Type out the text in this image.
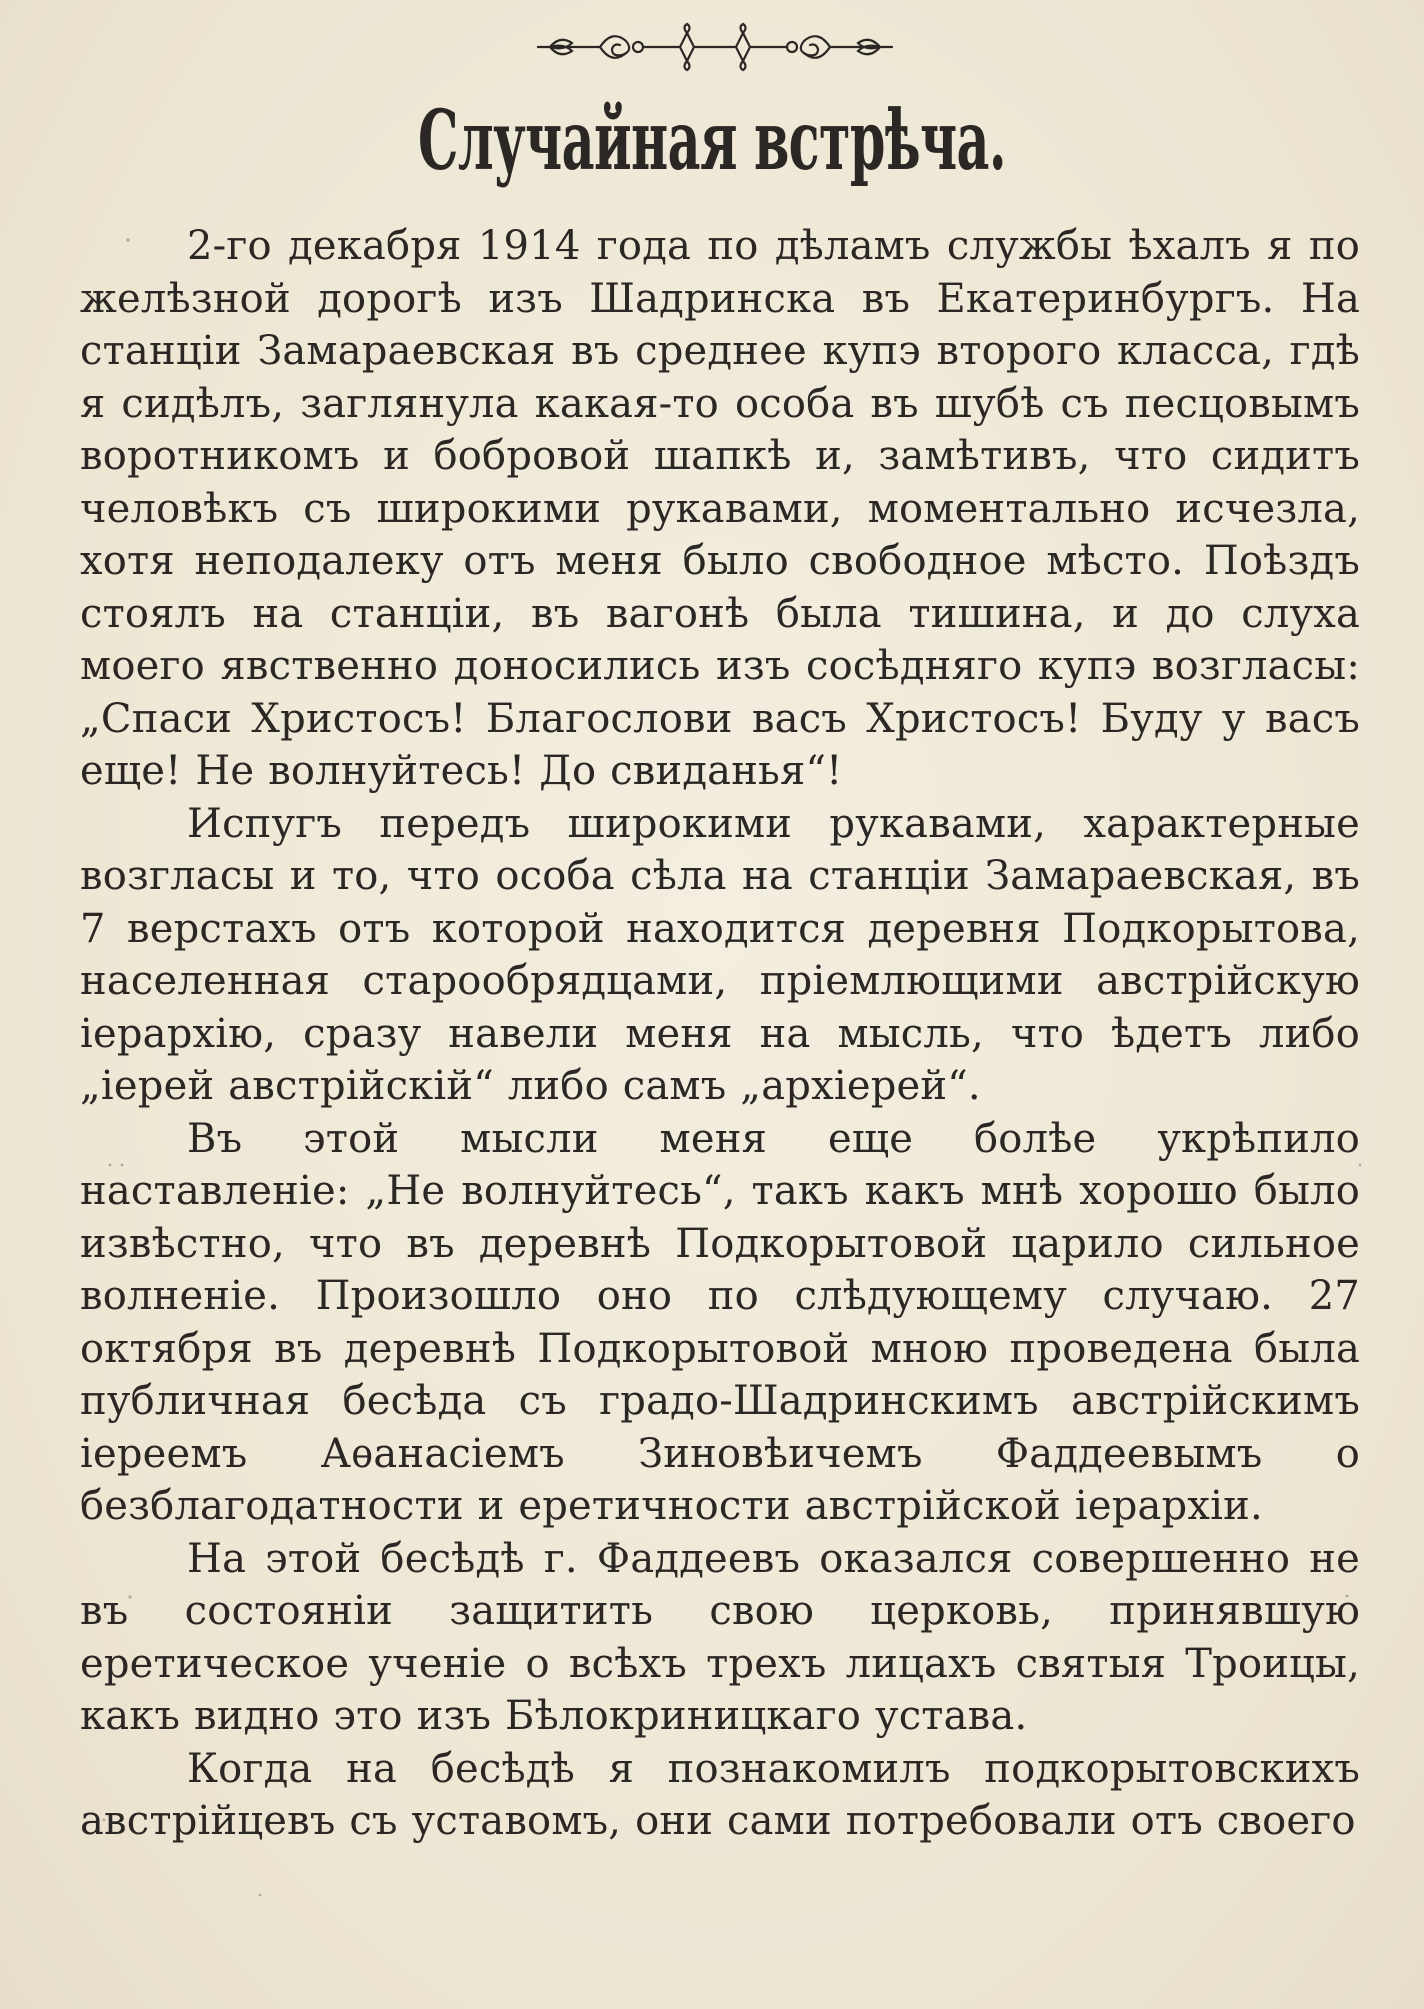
Случайная встрѣча.

2-го декабря 1914 года по дѣламъ службы ѣхалъ я по желѣзной дорогѣ изъ Шадринска въ Екатеринбургъ. На станціи Замараевская въ среднее купэ второго класса, гдѣ я сидѣлъ, заглянула какая-то особа въ шубѣ съ песцовымъ воротникомъ и бобровой шапкѣ и, замѣтивъ, что сидитъ человѣкъ съ широкими рукавами, моментально исчезла, хотя неподалеку отъ меня было свободное мѣсто. Поѣздъ стоялъ на станціи, въ вагонѣ была тишина, и до слуха моего явственно доносились изъ сосѣдняго купэ возгласы: „Спаси Христосъ! Благослови васъ Христосъ! Буду у васъ еще! Не волнуйтесь! До свиданья“!

Испугъ передъ широкими рукавами, характерные возгласы и то, что особа сѣла на станціи Замараевская, въ 7 верстахъ отъ которой находится деревня Подкорытова, населенная старообрядцами, пріемлющими австрійскую іерархію, сразу навели меня на мысль, что ѣдетъ либо „іерей австрійскій“ либо самъ „архіерей“.

Въ этой мысли меня еще болѣе укрѣпило наставленіе: „Не волнуйтесь“, такъ какъ мнѣ хорошо было извѣстно, что въ деревнѣ Подкорытовой царило сильное волненіе. Произошло оно по слѣдующему случаю. 27 октября въ деревнѣ Подкорытовой мною проведена была публичная бесѣда съ градо-Шадринскимъ австрійскимъ іереемъ Аѳанасіемъ Зиновѣичемъ Фаддеевымъ о безблагодатности и еретичности австрійской іерархіи.

На этой бесѣдѣ г. Фаддеевъ оказался совершенно не въ состояніи защитить свою церковь, принявшую еретическое ученіе о всѣхъ трехъ лицахъ святыя Троицы, какъ видно это изъ Бѣлокриницкаго устава.

Когда на бесѣдѣ я познакомилъ подкорытовскихъ австрійцевъ съ уставомъ, они сами потребовали отъ своего
